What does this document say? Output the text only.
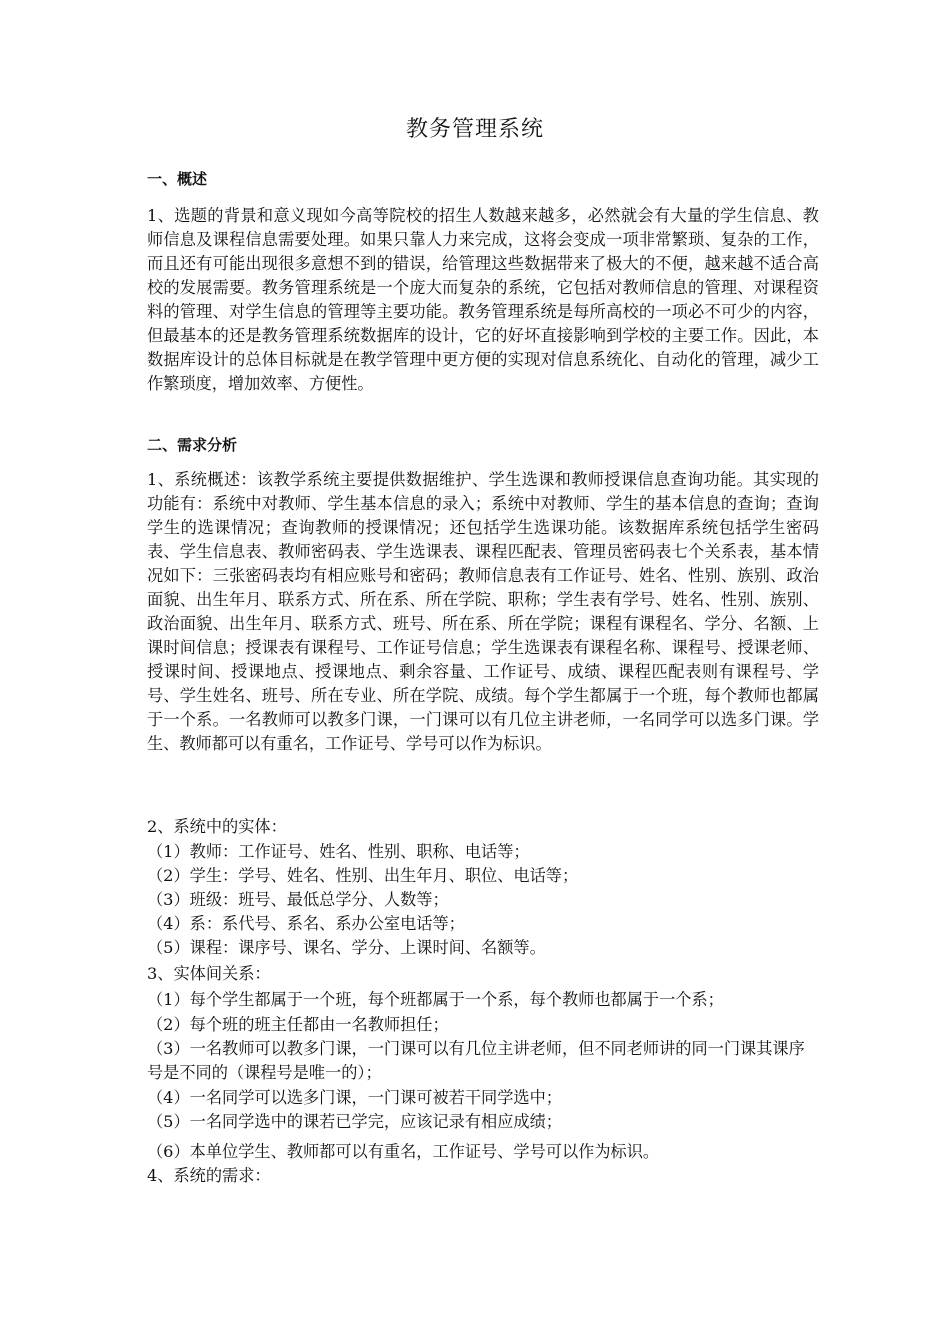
教务管理系统
一、概述
1、选题的背景和意义现如今高等院校的招生人数越来越多，必然就会有大量的学生信息、教师信息及课程信息需要处理。如果只靠人力来完成，这将会变成一项非常繁琐、复杂的工作，而且还有可能出现很多意想不到的错误，给管理这些数据带来了极大的不便，越来越不适合高校的发展需要。教务管理系统是一个庞大而复杂的系统，它包括对教师信息的管理、对课程资料的管理、对学生信息的管理等主要功能。教务管理系统是每所高校的一项必不可少的内容，但最基本的还是教务管理系统数据库的设计，它的好坏直接影响到学校的主要工作。因此，本数据库设计的总体目标就是在教学管理中更方便的实现对信息系统化、自动化的管理，减少工作繁琐度，增加效率、方便性。
二、需求分析
1、系统概述：该教学系统主要提供数据维护、学生选课和教师授课信息查询功能。其实现的功能有：系统中对教师、学生基本信息的录入；系统中对教师、学生的基本信息的查询；查询学生的选课情况；查询教师的授课情况；还包括学生选课功能。该数据库系统包括学生密码表、学生信息表、教师密码表、学生选课表、课程匹配表、管理员密码表七个关系表，基本情况如下：三张密码表均有相应账号和密码；教师信息表有工作证号、姓名、性别、族别、政治面貌、出生年月、联系方式、所在系、所在学院、职称；学生表有学号、姓名、性别、族别、政治面貌、出生年月、联系方式、班号、所在系、所在学院；课程有课程名、学分、名额、上课时间信息；授课表有课程号、工作证号信息；学生选课表有课程名称、课程号、授课老师、授课时间、授课地点、授课地点、剩余容量、工作证号、成绩、课程匹配表则有课程号、学号、学生姓名、班号、所在专业、所在学院、成绩。每个学生都属于一个班，每个教师也都属于一个系。一名教师可以教多门课，一门课可以有几位主讲老师，一名同学可以选多门课。学生、教师都可以有重名，工作证号、学号可以作为标识。
2、系统中的实体：
（1）教师：工作证号、姓名、性别、职称、电话等；
（2）学生：学号、姓名、性别、出生年月、职位、电话等；
（3）班级：班号、最低总学分、人数等；
（4）系：系代号、系名、系办公室电话等；
（5）课程：课序号、课名、学分、上课时间、名额等。
3、实体间关系：
（1）每个学生都属于一个班，每个班都属于一个系，每个教师也都属于一个系；
（2）每个班的班主任都由一名教师担任；
（3）一名教师可以教多门课，一门课可以有几位主讲老师，但不同老师讲的同一门课其课序号是不同的（课程号是唯一的）；
（4）一名同学可以选多门课，一门课可被若干同学选中；
（5）一名同学选中的课若已学完，应该记录有相应成绩；
（6）本单位学生、教师都可以有重名，工作证号、学号可以作为标识。
4、系统的需求：
